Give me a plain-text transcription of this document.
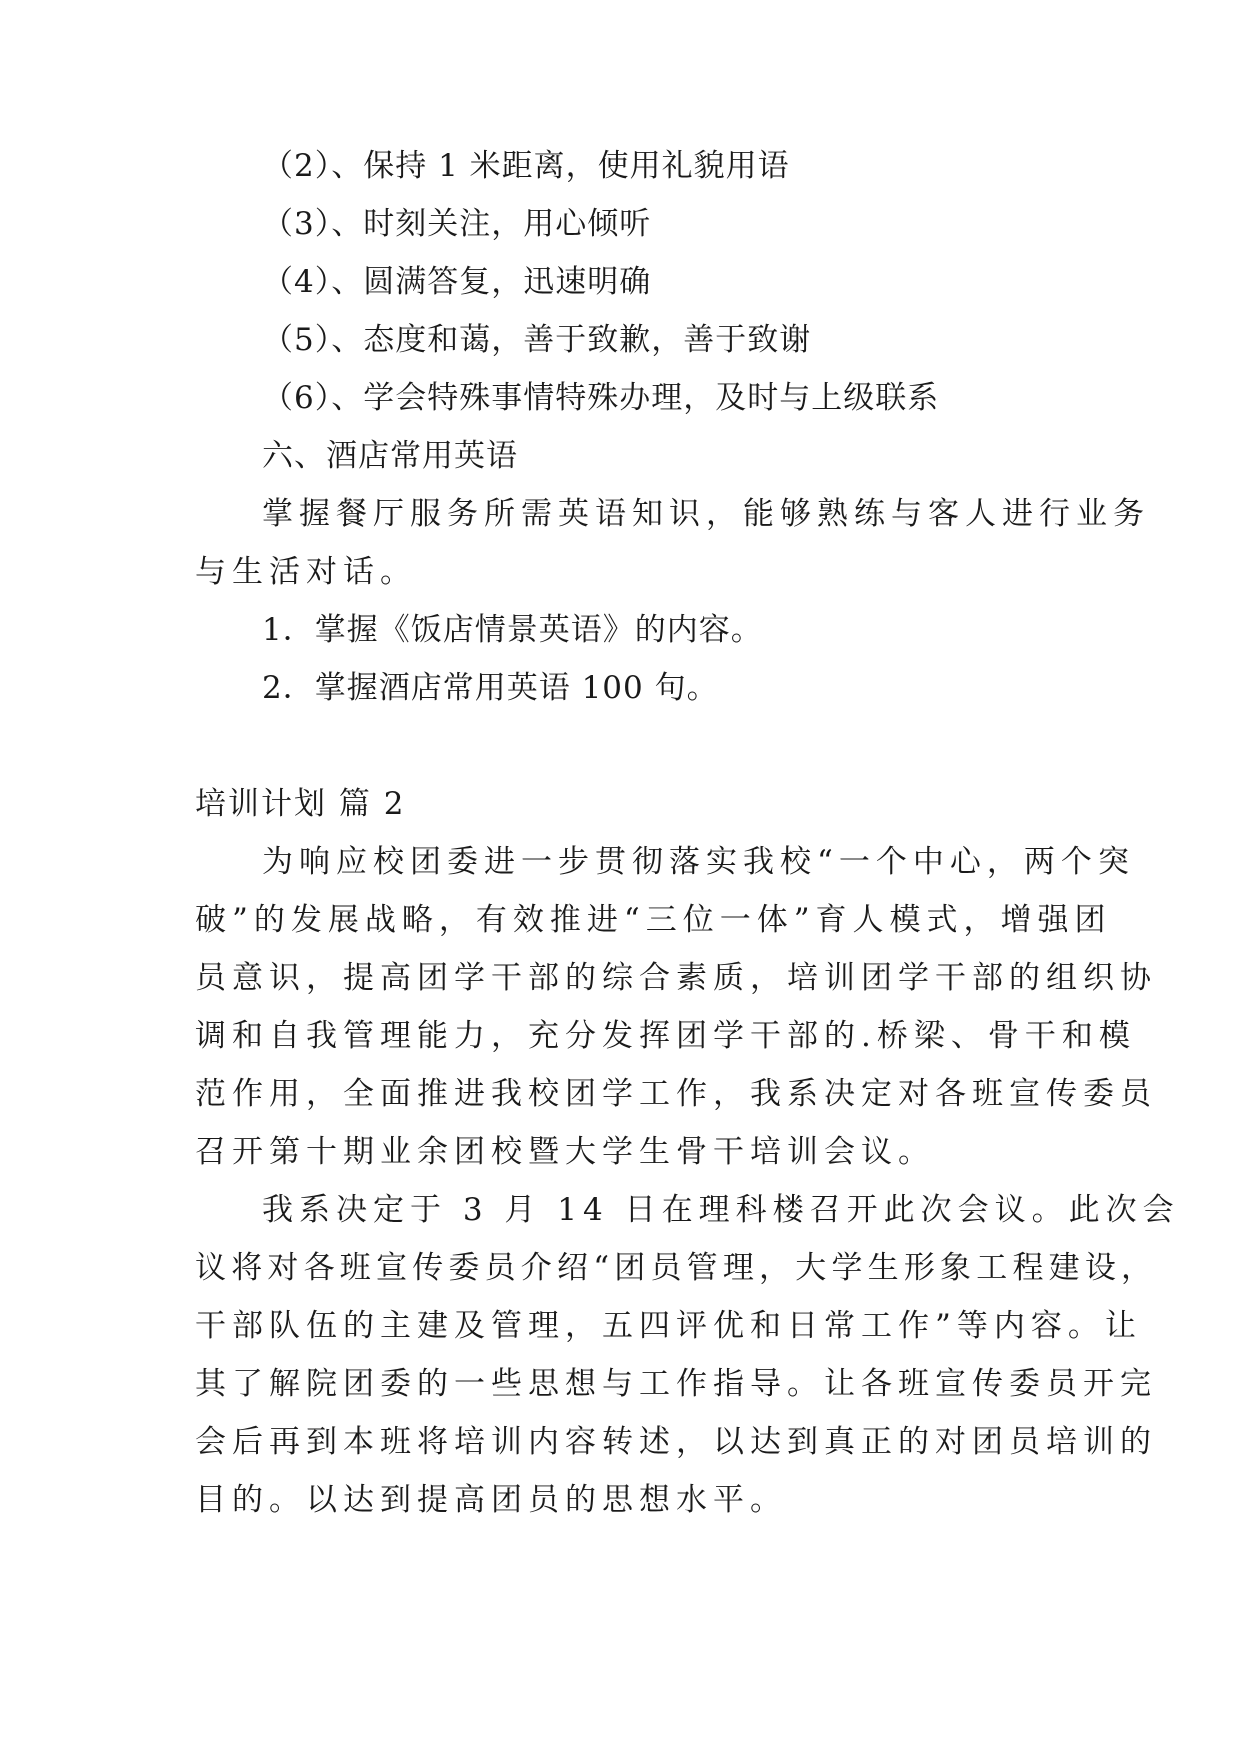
（2）、保持 1 米距离，使用礼貌用语
（3）、时刻关注，用心倾听
（4）、圆满答复，迅速明确
（5）、态度和蔼，善于致歉，善于致谢
（6）、学会特殊事情特殊办理，及时与上级联系
六、酒店常用英语
掌握餐厅服务所需英语知识，能够熟练与客人进行业务
与生活对话。
1．掌握《饭店情景英语》的内容。
2．掌握酒店常用英语 100 句。
培训计划 篇 2
为响应校团委进一步贯彻落实我校“一个中心，两个突
破”的发展战略，有效推进“三位一体”育人模式，增强团
员意识，提高团学干部的综合素质，培训团学干部的组织协
调和自我管理能力，充分发挥团学干部的.桥梁、骨干和模
范作用，全面推进我校团学工作，我系决定对各班宣传委员
召开第十期业余团校暨大学生骨干培训会议。
我系决定于 3 月 14 日在理科楼召开此次会议。此次会
议将对各班宣传委员介绍“团员管理，大学生形象工程建设，
干部队伍的主建及管理，五四评优和日常工作”等内容。让
其了解院团委的一些思想与工作指导。让各班宣传委员开完
会后再到本班将培训内容转述，以达到真正的对团员培训的
目的。以达到提高团员的思想水平。
